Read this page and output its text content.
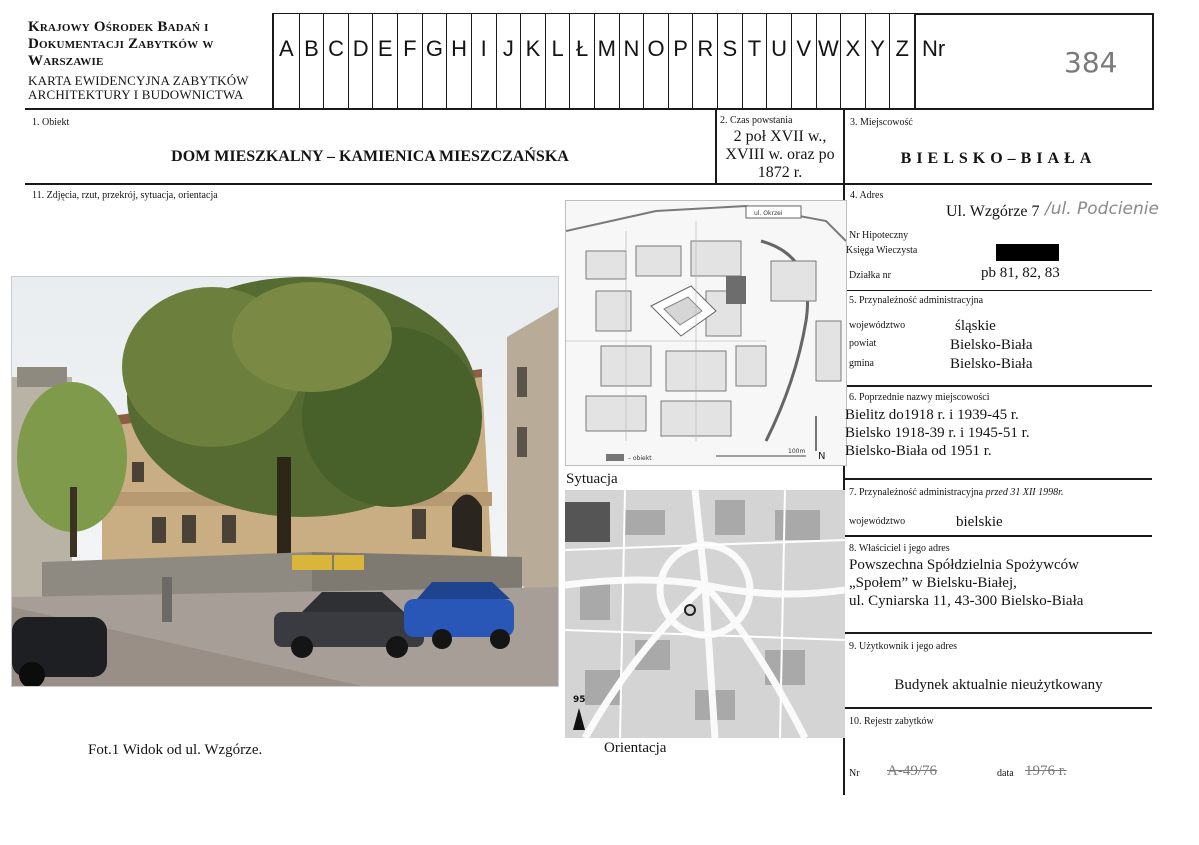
Krajowy Ośrodek Badań i
Dokumentacji Zabytków w
Warszawie
KARTA EWIDENCYJNA ZABYTKÓW
ARCHITEKTURY I BUDOWNICTWA
A B C D E F G H I J K L Ł M N O P R S T U V W X Y Z Nr	384
1. Obiekt
DOM MIESZKALNY – KAMIENICA MIESZCZAŃSKA
2. Czas powstania
2 poł XVII w.,
XVIII w. oraz po
1872 r.
3. Miejscowość
BIELSKO–BIAŁA
11. Zdjęcia, rzut, przekrój, sytuacja, orientacja
ul. Okrzei
– obiekt
100m N
Sytuacja
95
Orientacja
Fot.1 Widok od ul. Wzgórze.
4. Adres
Ul. Wzgórze 7 /ul. Podcienie
Nr Hipoteczny
Księga Wieczysta
Działka nr	pb 81, 82, 83
5. Przynależność administracyjna
województwo	śląskie
powiat	Bielsko-Biała
gmina	Bielsko-Biała
6. Poprzednie nazwy miejscowości
Bielitz do1918 r. i 1939-45 r.
Bielsko 1918-39 r. i 1945-51 r.
Bielsko-Biała od 1951 r.
7. Przynależność administracyjna przed 31 XII 1998r.
województwo	bielskie
8. Właściciel i jego adres
Powszechna Spółdzielnia Spożywców
„Społem” w Bielsku-Białej,
ul. Cyniarska 11, 43-300 Bielsko-Biała
9. Użytkownik i jego adres
Budynek aktualnie nieużytkowany
10. Rejestr zabytków
Nr A-49/76	data 1976 r.
